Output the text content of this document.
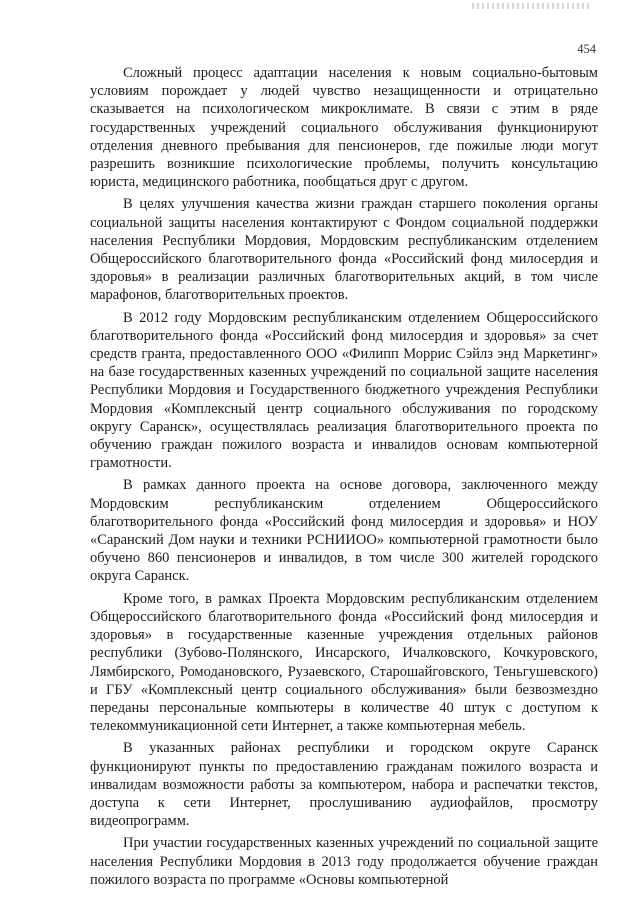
454

Сложный процесс адаптации населения к новым социально-бытовым условиям порождает у людей чувство незащищенности и отрицательно сказывается на психологическом микроклимате. В связи с этим в ряде государственных учреждений социального обслуживания функционируют отделения дневного пребывания для пенсионеров, где пожилые люди могут разрешить возникшие психологические проблемы, получить консультацию юриста, медицинского работника, пообщаться друг с другом.

В целях улучшения качества жизни граждан старшего поколения органы социальной защиты населения контактируют с Фондом социальной поддержки населения Республики Мордовия, Мордовским республиканским отделением Общероссийского благотворительного фонда «Российский фонд милосердия и здоровья» в реализации различных благотворительных акций, в том числе марафонов, благотворительных проектов.

В 2012 году Мордовским республиканским отделением Общероссийского благотворительного фонда «Российский фонд милосердия и здоровья» за счет средств гранта, предоставленного ООО «Филипп Моррис Сэйлз энд Маркетинг» на базе государственных казенных учреждений по социальной защите населения Республики Мордовия и Государственного бюджетного учреждения Республики Мордовия «Комплексный центр социального обслуживания по городскому округу Саранск», осуществлялась реализация благотворительного проекта по обучению граждан пожилого возраста и инвалидов основам компьютерной грамотности.

В рамках данного проекта на основе договора, заключенного между Мордовским республиканским отделением Общероссийского благотворительного фонда «Российский фонд милосердия и здоровья» и НОУ «Саранский Дом науки и техники РСНИИОО» компьютерной грамотности было обучено 860 пенсионеров и инвалидов, в том числе 300 жителей городского округа Саранск.

Кроме того, в рамках Проекта Мордовским республиканским отделением Общероссийского благотворительного фонда «Российский фонд милосердия и здоровья» в государственные казенные учреждения отдельных районов республики (Зубово-Полянского, Инсарского, Ичалковского, Кочкуровского, Лямбирского, Ромодановского, Рузаевского, Старошайговского, Теньгушевского) и ГБУ «Комплексный центр социального обслуживания» были безвозмездно переданы персональные компьютеры в количестве 40 штук с доступом к телекоммуникационной сети Интернет, а также компьютерная мебель.

В указанных районах республики и городском округе Саранск функционируют пункты по предоставлению гражданам пожилого возраста и инвалидам возможности работы за компьютером, набора и распечатки текстов, доступа к сети Интернет, прослушиванию аудиофайлов, просмотру видеопрограмм.

При участии государственных казенных учреждений по социальной защите населения Республики Мордовия в 2013 году продолжается обучение граждан пожилого возраста по программе «Основы компьютерной
